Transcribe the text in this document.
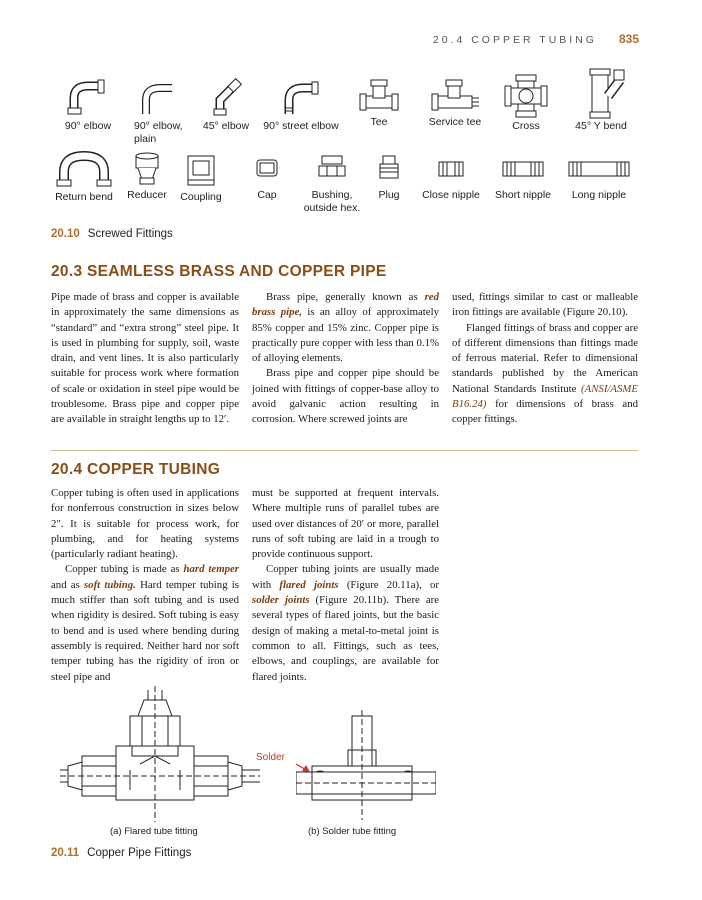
20.4 COPPER TUBING 835
90° elbow	90° elbow, plain
45° elbow	90° street elbow	Tee	Service tee	Cross	45° Y bend
Return bend	Reducer	Coupling	Cap	Bushing, outside hex.
Plug	Close nipple	Short nipple	Long nipple
20.10 Screwed Fittings
20.3 SEAMLESS BRASS AND COPPER PIPE

Pipe made of brass and copper is available in approximately the same dimensions as “standard” and “extra strong” steel pipe. It is used in plumbing for supply, soil, waste drain, and vent lines. It is also particularly suitable for process work where formation of scale or oxidation in steel pipe would be troublesome. Brass pipe and copper pipe are available in straight lengths up to 12′.

Brass pipe, generally known as red brass pipe, is an alloy of approximately 85% copper and 15% zinc. Copper pipe is practically pure copper with less than 0.1% of alloying elements.

Brass pipe and copper pipe should be joined with fittings of copper-base alloy to avoid galvanic action resulting in corrosion. Where screwed joints are

used, fittings similar to cast or malleable iron fittings are available (Figure 20.10).

Flanged fittings of brass and copper are of different dimensions than fittings made of ferrous material. Refer to dimensional standards published by the American National Standards Institute (ANSI/ASME B16.24) for dimensions of brass and copper fittings.

20.4 COPPER TUBING

Copper tubing is often used in applications for nonferrous construction in sizes below 2″. It is suitable for process work, for plumbing, and for heating systems (particularly radiant heating).

Copper tubing is made as hard temper and as soft tubing. Hard temper tubing is much stiffer than soft tubing and is used when rigidity is desired. Soft tubing is easy to bend and is used where bending during assembly is required. Neither hard nor soft temper tubing has the rigidity of iron or steel pipe and

must be supported at frequent intervals. Where multiple runs of parallel tubes are used over distances of 20′ or more, parallel runs of soft tubing are laid in a trough to provide continuous support.

Copper tubing joints are usually made with flared joints (Figure 20.11a), or solder joints (Figure 20.11b). There are several types of flared joints, but the basic design of making a metal-to-metal joint is common to all. Fittings, such as tees, elbows, and couplings, are available for flared joints.

Solder
(a) Flared tube fitting	(b) Solder tube fitting
20.11 Copper Pipe Fittings
